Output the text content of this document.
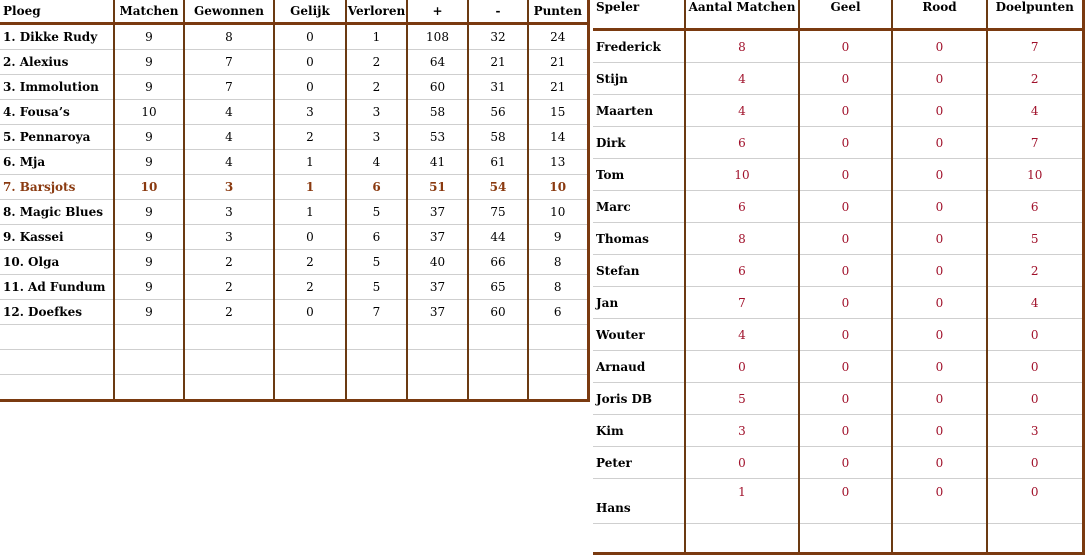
Ploeg	Matchen	Gewonnen	Gelijk	Verloren	+	-	Punten
1. Dikke Rudy	9	8	0	1	108	32	24
2. Alexius	9	7	0	2	64	21	21
3. Immolution	9	7	0	2	60	31	21
4. Fousa’s	10	4	3	3	58	56	15
5. Pennaroya	9	4	2	3	53	58	14
6. Mja	9	4	1	4	41	61	13
7. Barsjots	10	3	1	6	51	54	10
8. Magic Blues	9	3	1	5	37	75	10
9. Kassei	9	3	0	6	37	44	9
10. Olga	9	2	2	5	40	66	8
11. Ad Fundum	9	2	2	5	37	65	8
12. Doefkes	9	2	0	7	37	60	6

Speler	Aantal Matchen	Geel	Rood	Doelpunten
Frederick	8	0	0	7
Stijn	4	0	0	2
Maarten	4	0	0	4
Dirk	6	0	0	7
Tom	10	0	0	10
Marc	6	0	0	6
Thomas	8	0	0	5
Stefan	6	0	0	2
Jan	7	0	0	4
Wouter	4	0	0	0
Arnaud	0	0	0	0
Joris DB	5	0	0	0
Kim	3	0	0	3
Peter	0	0	0	0
Hans	1	0	0	0
